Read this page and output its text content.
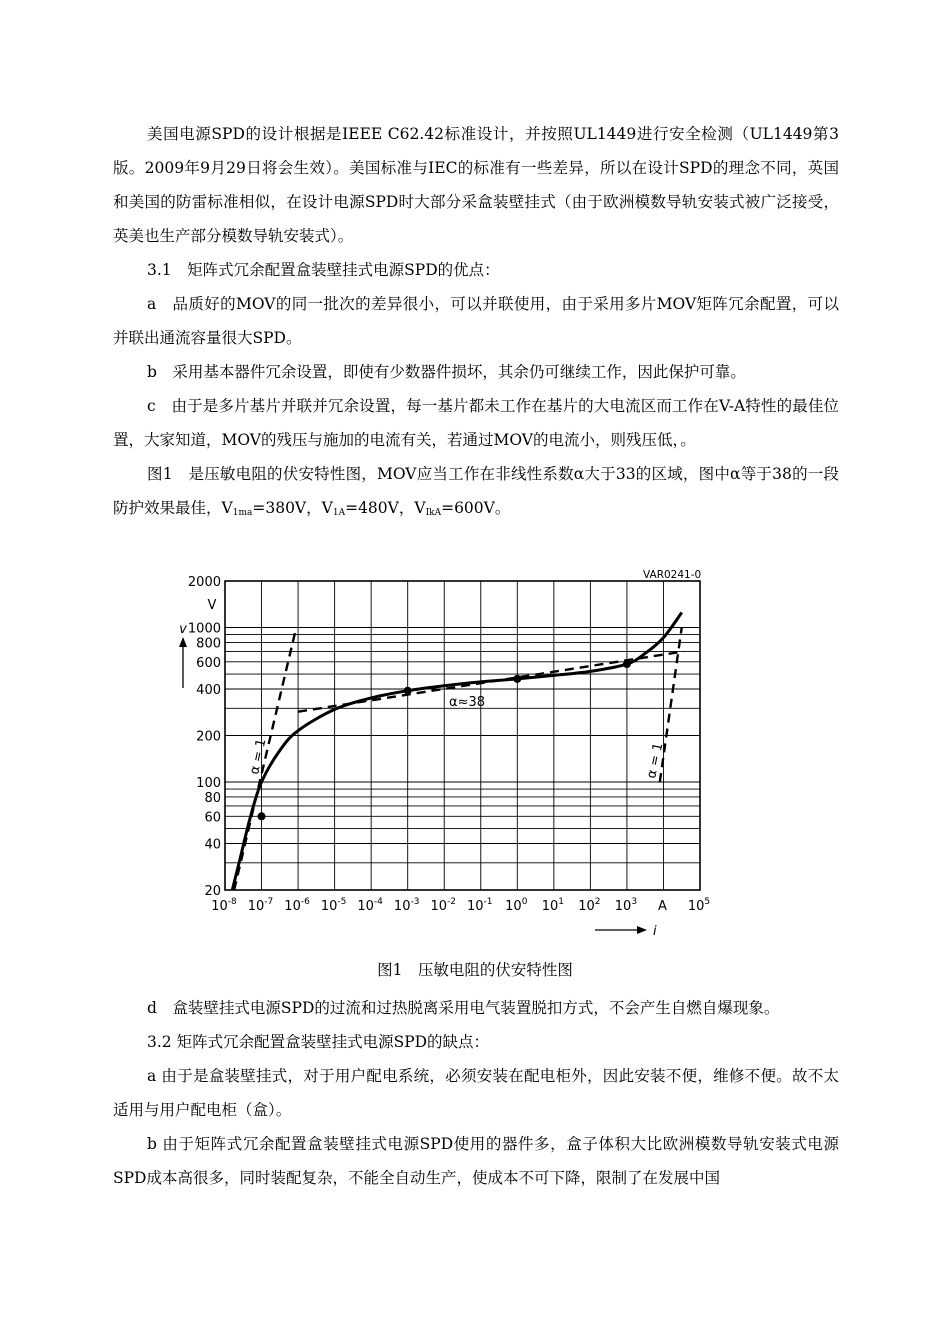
美国电源SPD的设计根据是IEEE C62.42标准设计，并按照UL1449进行安全检测（UL1449第3版。2009年9月29日将会生效）。美国标准与IEC的标准有一些差异，所以在设计SPD的理念不同，英国和美国的防雷标准相似，在设计电源SPD时大部分采盒装壁挂式（由于欧洲模数导轨安装式被广泛接受，英美也生产部分模数导轨安装式）。

3.1　矩阵式冗余配置盒装壁挂式电源SPD的优点：

a　品质好的MOV的同一批次的差异很小，可以并联使用，由于采用多片MOV矩阵冗余配置，可以并联出通流容量很大SPD。

b　采用基本器件冗余设置，即使有少数器件损坏，其余仍可继续工作，因此保护可靠。

c　由于是多片基片并联并冗余设置，每一基片都未工作在基片的大电流区而工作在V-A特性的最佳位置，大家知道，MOV的残压与施加的电流有关，若通过MOV的电流小，则残压低，。

图1　是压敏电阻的伏安特性图，MOV应当工作在非线性系数α大于33的区域，图中α等于38的一段防护效果最佳，$V_{1ma}=380V$，$V_{1A}=480V$，$V_{IkA}=600V$。

2000
1000
800
600
400
200
100
80
60
40
20
$10^{-8}$ $10^{-7}$ $10^{-6}$ $10^{-5}$ $10^{-4}$ $10^{-3}$ $10^{-2}$ $10^{-1}$ $10^0$ $10^1$ $10^2$ $10^3$ A $10^5$
VAR0241-0
V
v
α≈38
α = 1	α = 1
i
图1　压敏电阻的伏安特性图

d　盒装壁挂式电源SPD的过流和过热脱离采用电气装置脱扣方式，不会产生自燃自爆现象。

3.2 矩阵式冗余配置盒装壁挂式电源SPD的缺点：

a 由于是盒装壁挂式，对于用户配电系统，必须安装在配电柜外，因此安装不便，维修不便。故不太适用与用户配电柜（盒）。

b 由于矩阵式冗余配置盒装壁挂式电源SPD使用的器件多，盒子体积大比欧洲模数导轨安装式电源SPD成本高很多，同时装配复杂，不能全自动生产，使成本不可下降，限制了在发展中国
